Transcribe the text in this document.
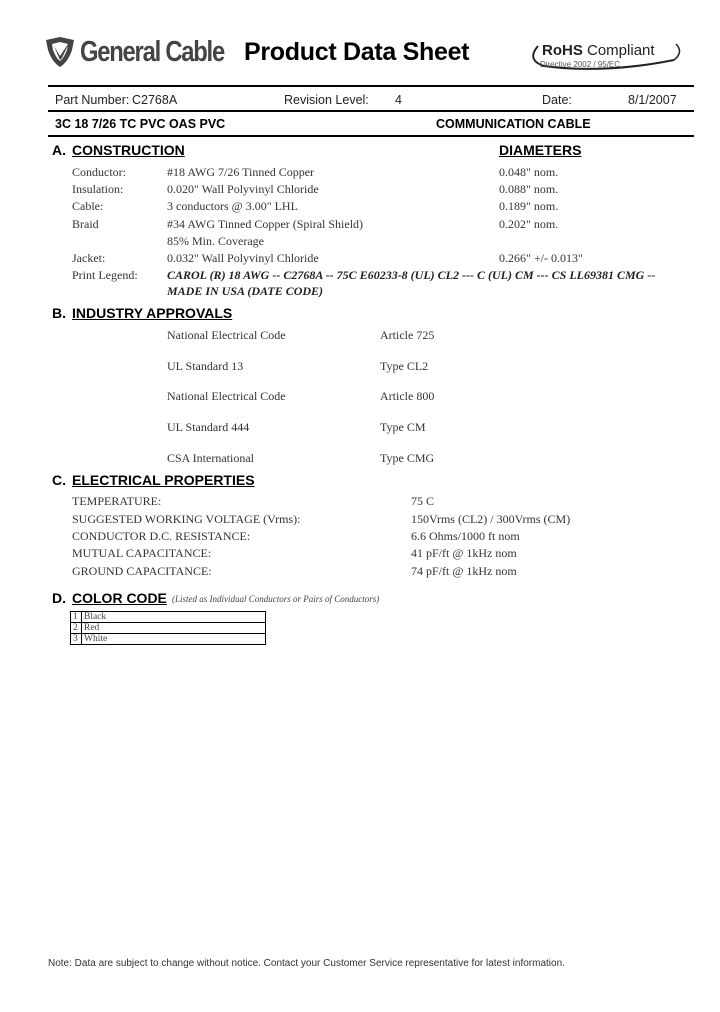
General Cable Product Data Sheet	RoHS Compliant
Directive 2002 / 95/EC
Part Number: C2768A	Revision Level: 4	Date:	8/1/2007
3C 18 7/26 TC PVC OAS PVC	COMMUNICATION CABLE
A. CONSTRUCTION	DIAMETERS
Conductor:	#18 AWG 7/26 Tinned Copper	0.048" nom.
Insulation:	0.020" Wall Polyvinyl Chloride	0.088" nom.
Cable:	3 conductors @ 3.00" LHL	0.189" nom.
Braid	#34 AWG Tinned Copper (Spiral Shield)	0.202" nom.
85% Min. Coverage
Jacket:	0.032" Wall Polyvinyl Chloride	0.266" +/- 0.013"
Print Legend: CAROL (R) 18 AWG -- C2768A -- 75C E60233-8 (UL) CL2 --- C (UL) CM --- CS LL69381 CMG --
MADE IN USA (DATE CODE)
B. INDUSTRY APPROVALS
National Electrical Code	Article 725
UL Standard 13	Type CL2
National Electrical Code	Article 800
UL Standard 444	Type CM
CSA International	Type CMG
C. ELECTRICAL PROPERTIES
TEMPERATURE:	75 C
SUGGESTED WORKING VOLTAGE (Vrms):	150Vrms (CL2) / 300Vrms (CM)
CONDUCTOR D.C. RESISTANCE:	6.6 Ohms/1000 ft nom
MUTUAL CAPACITANCE:	41 pF/ft @ 1kHz nom
GROUND CAPACITANCE:	74 pF/ft @ 1kHz nom
D. COLOR CODE (Listed as Individual Conductors or Pairs of Conductors)
1	Black
2	Red
3	White
Note: Data are subject to change without notice. Contact your Customer Service representative for latest information.
